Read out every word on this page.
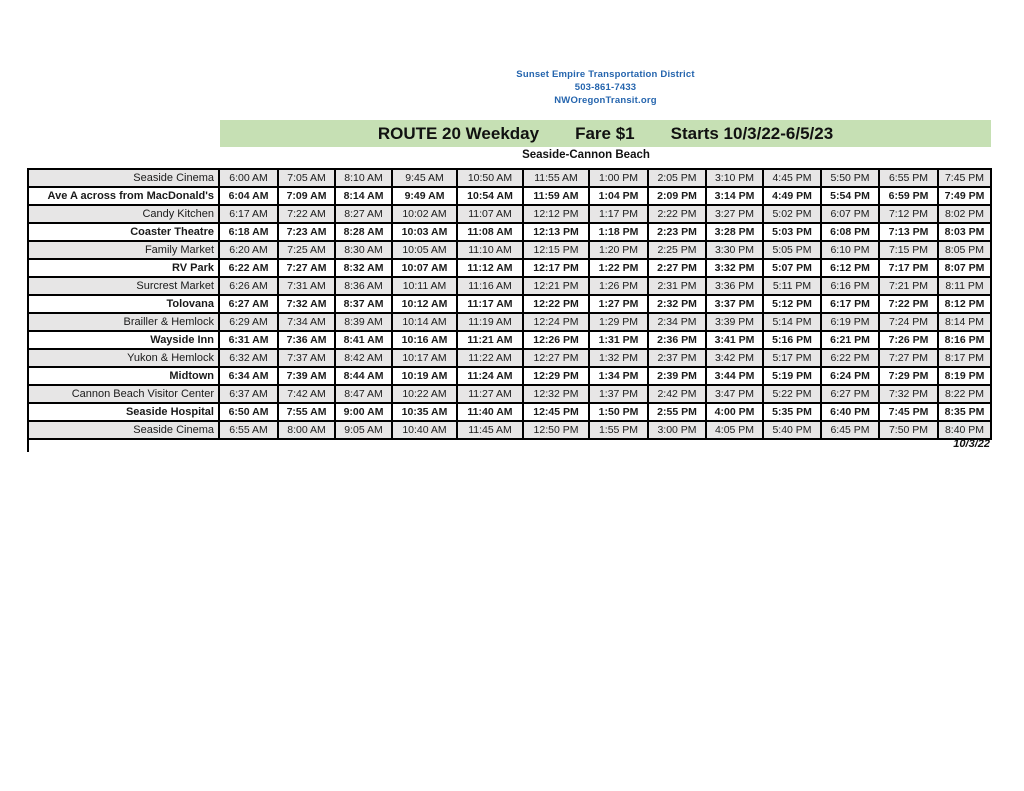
Sunset Empire Transportation District
503-861-7433
NWOregonTransit.org
ROUTE 20 Weekday Fare $1 Starts 10/3/22-6/5/23
Seaside-Cannon Beach
Seaside Cinema	6:00 AM	7:05 AM	8:10 AM	9:45 AM	10:50 AM	11:55 AM	1:00 PM	2:05 PM	3:10 PM	4:45 PM	5:50 PM	6:55 PM	7:45 PM
Ave A across from MacDonald's	6:04 AM	7:09 AM	8:14 AM	9:49 AM	10:54 AM	11:59 AM	1:04 PM	2:09 PM	3:14 PM	4:49 PM	5:54 PM	6:59 PM	7:49 PM
Candy Kitchen	6:17 AM	7:22 AM	8:27 AM	10:02 AM	11:07 AM	12:12 PM	1:17 PM	2:22 PM	3:27 PM	5:02 PM	6:07 PM	7:12 PM	8:02 PM
Coaster Theatre	6:18 AM	7:23 AM	8:28 AM	10:03 AM	11:08 AM	12:13 PM	1:18 PM	2:23 PM	3:28 PM	5:03 PM	6:08 PM	7:13 PM	8:03 PM
Family Market	6:20 AM	7:25 AM	8:30 AM	10:05 AM	11:10 AM	12:15 PM	1:20 PM	2:25 PM	3:30 PM	5:05 PM	6:10 PM	7:15 PM	8:05 PM
RV Park	6:22 AM	7:27 AM	8:32 AM	10:07 AM	11:12 AM	12:17 PM	1:22 PM	2:27 PM	3:32 PM	5:07 PM	6:12 PM	7:17 PM	8:07 PM
Surcrest Market	6:26 AM	7:31 AM	8:36 AM	10:11 AM	11:16 AM	12:21 PM	1:26 PM	2:31 PM	3:36 PM	5:11 PM	6:16 PM	7:21 PM	8:11 PM
Tolovana	6:27 AM	7:32 AM	8:37 AM	10:12 AM	11:17 AM	12:22 PM	1:27 PM	2:32 PM	3:37 PM	5:12 PM	6:17 PM	7:22 PM	8:12 PM
Brailler & Hemlock	6:29 AM	7:34 AM	8:39 AM	10:14 AM	11:19 AM	12:24 PM	1:29 PM	2:34 PM	3:39 PM	5:14 PM	6:19 PM	7:24 PM	8:14 PM
Wayside Inn	6:31 AM	7:36 AM	8:41 AM	10:16 AM	11:21 AM	12:26 PM	1:31 PM	2:36 PM	3:41 PM	5:16 PM	6:21 PM	7:26 PM	8:16 PM
Yukon & Hemlock	6:32 AM	7:37 AM	8:42 AM	10:17 AM	11:22 AM	12:27 PM	1:32 PM	2:37 PM	3:42 PM	5:17 PM	6:22 PM	7:27 PM	8:17 PM
Midtown	6:34 AM	7:39 AM	8:44 AM	10:19 AM	11:24 AM	12:29 PM	1:34 PM	2:39 PM	3:44 PM	5:19 PM	6:24 PM	7:29 PM	8:19 PM
Cannon Beach Visitor Center	6:37 AM	7:42 AM	8:47 AM	10:22 AM	11:27 AM	12:32 PM	1:37 PM	2:42 PM	3:47 PM	5:22 PM	6:27 PM	7:32 PM	8:22 PM
Seaside Hospital	6:50 AM	7:55 AM	9:00 AM	10:35 AM	11:40 AM	12:45 PM	1:50 PM	2:55 PM	4:00 PM	5:35 PM	6:40 PM	7:45 PM	8:35 PM
Seaside Cinema	6:55 AM	8:00 AM	9:05 AM	10:40 AM	11:45 AM	12:50 PM	1:55 PM	3:00 PM	4:05 PM	5:40 PM	6:45 PM	7:50 PM	8:40 PM
10/3/22
